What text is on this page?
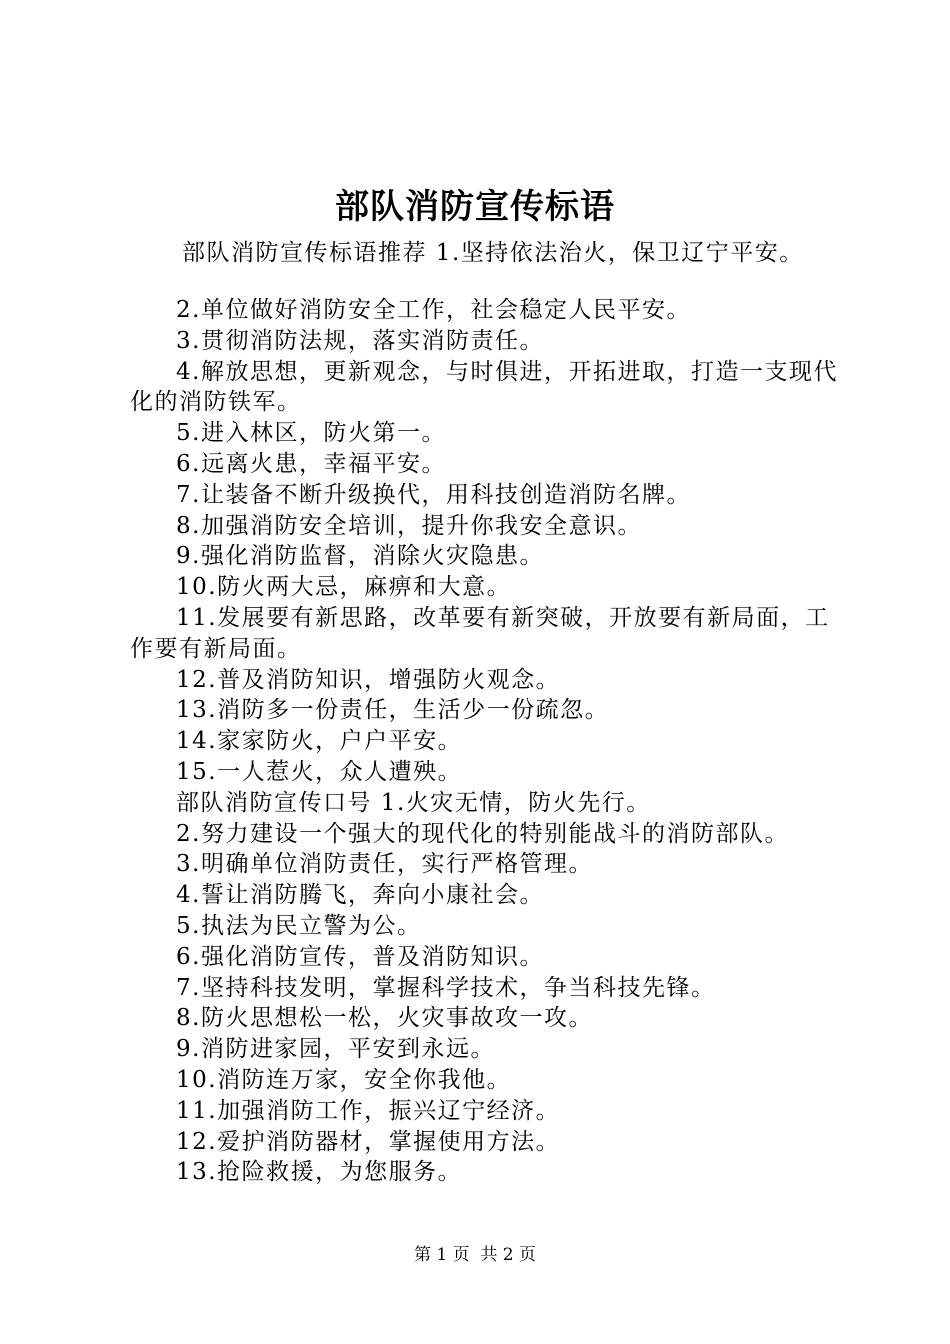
部队消防宣传标语
部队消防宣传标语推荐 1.坚持依法治火，保卫辽宁平安。

2.单位做好消防安全工作，社会稳定人民平安。

3.贯彻消防法规，落实消防责任。

4.解放思想，更新观念，与时俱进，开拓进取，打造一支现代化的消防铁军。

5.进入林区，防火第一。

6.远离火患，幸福平安。

7.让装备不断升级换代，用科技创造消防名牌。

8.加强消防安全培训，提升你我安全意识。

9.强化消防监督，消除火灾隐患。

10.防火两大忌，麻痹和大意。

11.发展要有新思路，改革要有新突破，开放要有新局面，工作要有新局面。

12.普及消防知识，增强防火观念。

13.消防多一份责任，生活少一份疏忽。

14.家家防火，户户平安。

15.一人惹火，众人遭殃。

部队消防宣传口号 1.火灾无情，防火先行。

2.努力建设一个强大的现代化的特别能战斗的消防部队。

3.明确单位消防责任，实行严格管理。

4.誓让消防腾飞，奔向小康社会。

5.执法为民立警为公。

6.强化消防宣传，普及消防知识。

7.坚持科技发明，掌握科学技术，争当科技先锋。

8.防火思想松一松，火灾事故攻一攻。

9.消防进家园，平安到永远。

10.消防连万家，安全你我他。

11.加强消防工作，振兴辽宁经济。

12.爱护消防器材，掌握使用方法。

13.抢险救援，为您服务。

第 1 页  共 2 页
